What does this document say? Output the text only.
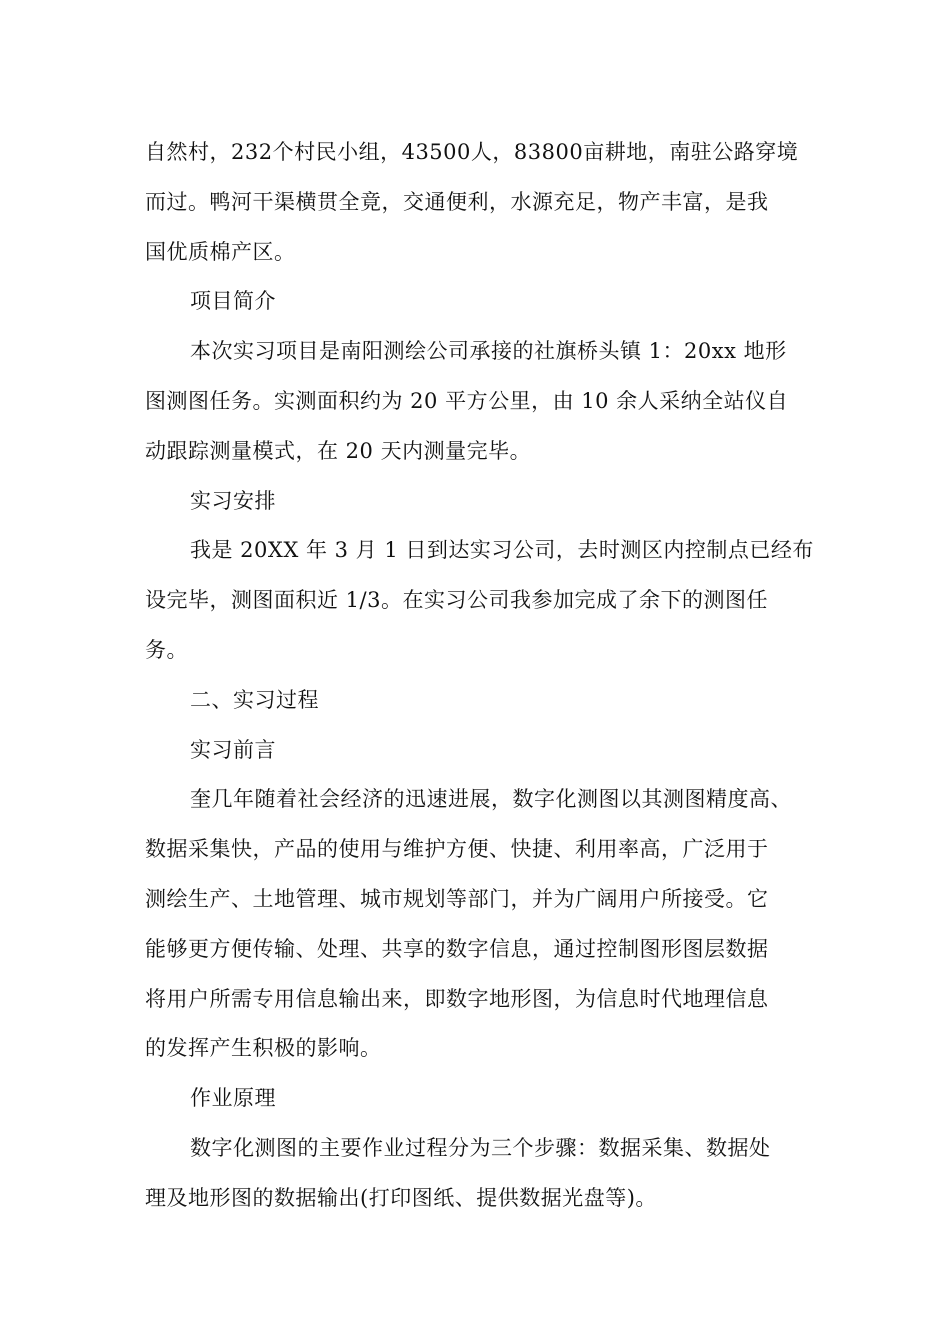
自然村，232个村民小组，43500人，83800亩耕地，南驻公路穿境
而过。鸭河干渠横贯全竟，交通便利，水源充足，物产丰富，是我
国优质棉产区。
项目简介
本次实习项目是南阳测绘公司承接的社旗桥头镇 1：20xx 地形
图测图任务。实测面积约为 20 平方公里，由 10 余人采纳全站仪自
动跟踪测量模式，在 20 天内测量完毕。
实习安排
我是 20XX 年 3 月 1 日到达实习公司，去时测区内控制点已经布
设完毕，测图面积近 1/3。在实习公司我参加完成了余下的测图任
务。
二、实习过程
实习前言
奎几年随着社会经济的迅速进展，数字化测图以其测图精度高、
数据采集快，产品的使用与维护方便、快捷、利用率高，广泛用于
测绘生产、土地管理、城市规划等部门，并为广阔用户所接受。它
能够更方便传输、处理、共享的数字信息，通过控制图形图层数据
将用户所需专用信息输出来，即数字地形图，为信息时代地理信息
的发挥产生积极的影响。
作业原理
数字化测图的主要作业过程分为三个步骤：数据采集、数据处
理及地形图的数据输出(打印图纸、提供数据光盘等)。
